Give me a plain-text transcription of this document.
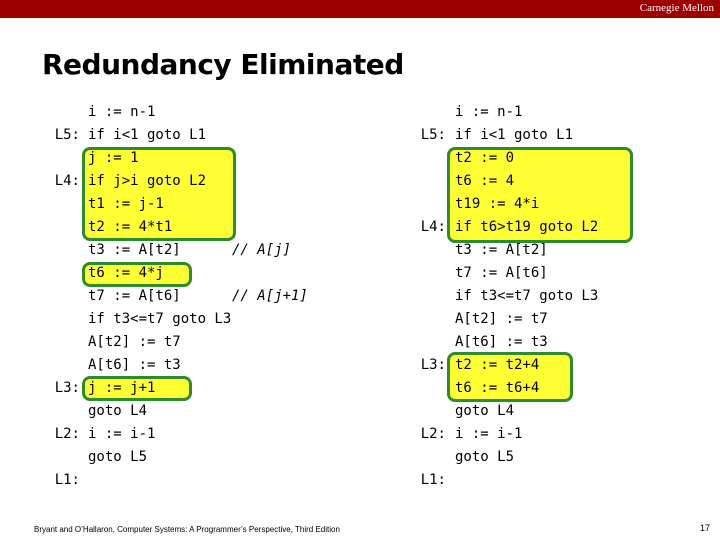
Carnegie Mellon
Redundancy Eliminated
L5:
L4:
L3:
L2:
L1:
i := n-1
if i<1 goto L1
j := 1
if j>i goto L2
t1 := j-1
t2 := 4*t1
t3 := A[t2]
t6 := 4*j
t7 := A[t6]
if t3<=t7 goto L3
A[t2] := t7
A[t6] := t3
j := j+1
goto L4
i := i-1
goto L5
// A[j]
// A[j+1]
L5:
L4:
L3:
L2:
L1:
i := n-1
if i<1 goto L1
t2 := 0
t6 := 4
t19 := 4*i
if t6>t19 goto L2
t3 := A[t2]
t7 := A[t6]
if t3<=t7 goto L3
A[t2] := t7
A[t6] := t3
t2 := t2+4
t6 := t6+4
goto L4
i := i-1
goto L5
Bryant and O’Hallaron, Computer Systems: A Programmer’s Perspective, Third Edition	17
